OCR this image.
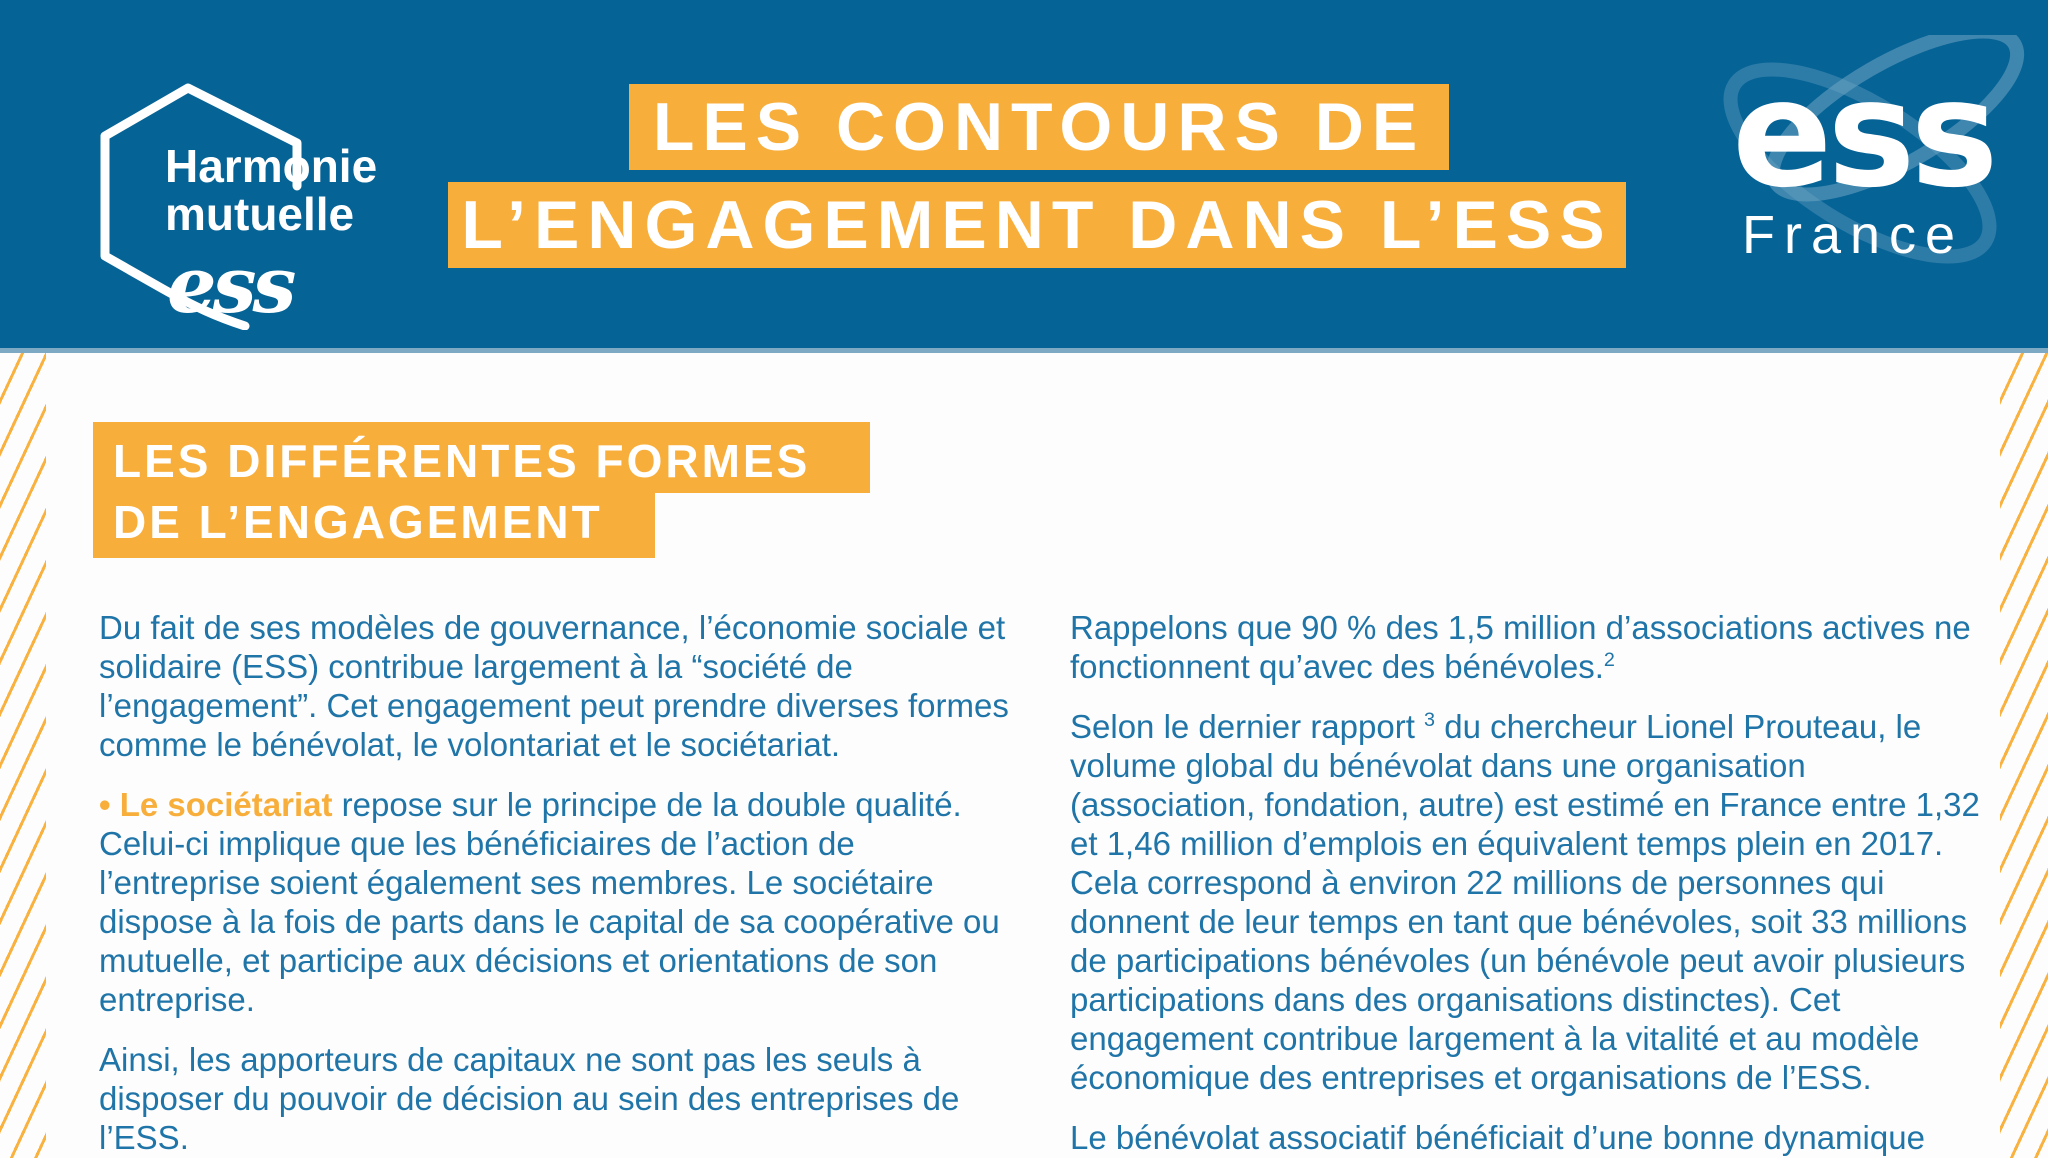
Harmonie
mutuelle
ess
LES CONTOURS DE
L’ENGAGEMENT DANS L’ESS
ess
France
LES DIFFÉRENTES FORMES
DE L’ENGAGEMENT

Du fait de ses modèles de gouvernance, l’économie sociale et solidaire (ESS) contribue largement à la “société de l’engagement”. Cet engagement peut prendre diverses formes comme le bénévolat, le volontariat et le sociétariat.

• Le sociétariat repose sur le principe de la double qualité. Celui-ci implique que les bénéficiaires de l’action de l’entreprise soient également ses membres. Le sociétaire dispose à la fois de parts dans le capital de sa coopérative ou mutuelle, et participe aux décisions et orientations de son entreprise.

Ainsi, les apporteurs de capitaux ne sont pas les seuls à disposer du pouvoir de décision au sein des entreprises de l’ESS.

Rappelons que 90 % des 1,5 million d’associations actives ne fonctionnent qu’avec des bénévoles.$^2$

Selon le dernier rapport $^3$ du chercheur Lionel Prouteau, le volume global du bénévolat dans une organisation (association, fondation, autre) est estimé en France entre 1,32 et 1,46 million d’emplois en équivalent temps plein en 2017. Cela correspond à environ 22 millions de personnes qui donnent de leur temps en tant que bénévoles, soit 33 millions de participations bénévoles (un bénévole peut avoir plusieurs participations dans des organisations distinctes). Cet engagement contribue largement à la vitalité et au modèle économique des entreprises et organisations de l’ESS.

Le bénévolat associatif bénéficiait d’une bonne dynamique
